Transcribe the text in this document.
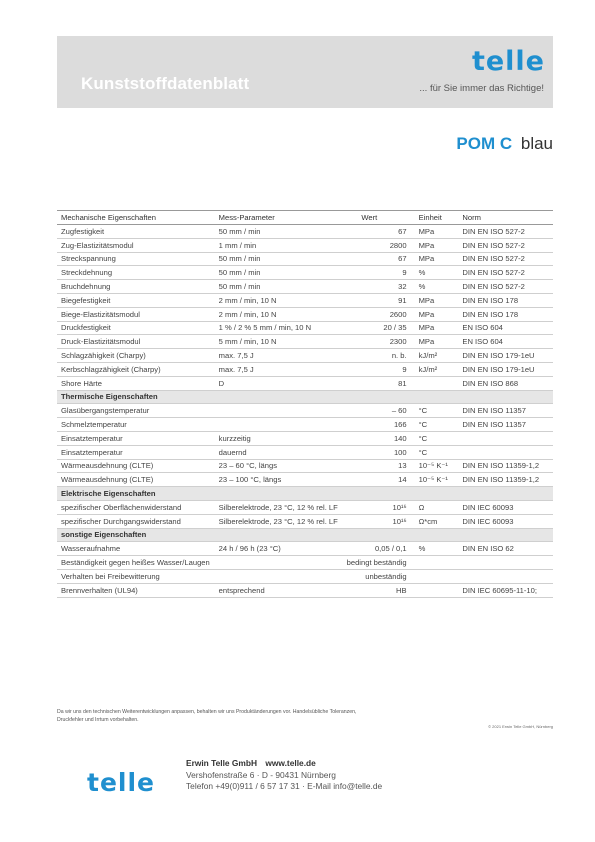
Kunststoffdatenblatt
telle
... für Sie immer das Richtige!
POM C blau
Mechanische Eigenschaften	Mess-Parameter	Wert	Einheit	Norm
Zugfestigkeit	50 mm / min	67	MPa	DIN EN ISO 527-2
Zug-Elastizitätsmodul	1 mm / min	2800	MPa	DIN EN ISO 527-2
Streckspannung	50 mm / min	67	MPa	DIN EN ISO 527-2
Streckdehnung	50 mm / min	9	%	DIN EN ISO 527-2
Bruchdehnung	50 mm / min	32	%	DIN EN ISO 527-2
Biegefestigkeit	2 mm / min, 10 N	91	MPa	DIN EN ISO 178
Biege-Elastizitätsmodul	2 mm / min, 10 N	2600	MPa	DIN EN ISO 178
Druckfestigkeit	1 % / 2 % 5 mm / min, 10 N	20 / 35	MPa	EN ISO 604
Druck-Elastizitätsmodul	5 mm / min, 10 N	2300	MPa	EN ISO 604
Schlagzähigkeit (Charpy)	max. 7,5 J	n. b.	kJ/m²	DIN EN ISO 179-1eU
Kerbschlagzähigkeit (Charpy)	max. 7,5 J	9	kJ/m²	DIN EN ISO 179-1eU
Shore Härte	D	81		DIN EN ISO 868
Thermische Eigenschaften				
Glasübergangstemperatur		– 60	°C	DIN EN ISO 11357
Schmelztemperatur		166	°C	DIN EN ISO 11357
Einsatztemperatur	kurzzeitig	140	°C	
Einsatztemperatur	dauernd	100	°C	
Wärmeausdehnung (CLTE)	23 – 60 °C, längs	13	10⁻⁵ K⁻¹	DIN EN ISO 11359-1,2
Wärmeausdehnung (CLTE)	23 – 100 °C, längs	14	10⁻⁵ K⁻¹	DIN EN ISO 11359-1,2
Elektrische Eigenschaften				
spezifischer Oberflächenwiderstand	Silberelektrode, 23 °C, 12 % rel. LF	10¹⁶	Ω	DIN IEC 60093
spezifischer Durchgangswiderstand	Silberelektrode, 23 °C, 12 % rel. LF	10¹⁶	Ω*cm	DIN IEC 60093
sonstige Eigenschaften				
Wasseraufnahme	24 h / 96 h (23 °C)	0,05 / 0,1	%	DIN EN ISO 62
Beständigkeit gegen heißes Wasser/Laugen	bedingt beständig			
Verhalten bei Freibewitterung	unbeständig			
Brennverhalten (UL94)	entsprechend	HB		DIN IEC 60695-11-10;
Da wir uns den technischen Weiterentwicklungen anpassen, behalten wir uns Produktänderungen vor. Handelsübliche Toleranzen, Druckfehler und Irrtum vorbehalten.
© 2021 Erwin Telle GmbH, Nürnberg
telle
Erwin Telle GmbH www.telle.de
Vershofenstraße 6 · D - 90431 Nürnberg
Telefon +49(0)911 / 6 57 17 31 · E-Mail info@telle.de
